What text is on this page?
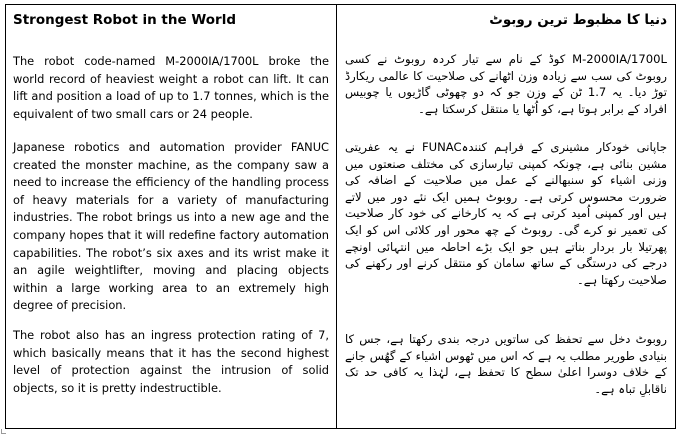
Strongest Robot in the World

The robot code-named M-2000IA/1700L broke the world record of heaviest weight a robot can lift. It can lift and position a load of up to 1.7 tonnes, which is the equivalent of two small cars or 24 people.

Japanese robotics and automation provider FANUC created the monster machine, as the company saw a need to increase the efficiency of the handling process of heavy materials for a variety of manufacturing industries. The robot brings us into a new age and the company hopes that it will redefine factory automation capabilities. The robot’s six axes and its wrist make it an agile weightlifter, moving and placing objects within a large working area to an extremely high degree of precision.

The robot also has an ingress protection rating of 7, which basically means that it has the second highest level of protection against the intrusion of solid objects, so it is pretty indestructible.

دنیا کا مظبوط ترین روبوٹ

M-2000IA/1700L کوڈ کے نام سے تیار کردہ روبوٹ نے کسی روبوٹ کی سب سے زیادہ وزن اٹھانے کی صلاحیت کا عالمی ریکارڈ توڑ دیا۔ یہ 1.7 ٹن کے وزن جو کہ دو چھوٹی گاڑیوں یا چوبیس افراد کے برابر ہوتا ہے، کو اُٹھا یا منتقل کرسکتا ہے۔

جاپانی خودکار مشینری کے فراہم کنندہFUNAC نے یہ عفریتی مشین بنائی ہے، چونکہ کمپنی تیارسازی کی مختلف صنعتوں میں وزنی اشیاء کو سنبھالنے کے عمل میں صلاحیت کے اضافہ کی ضرورت محسوس کرتی ہے۔ روبوٹ ہمیں ایک نئے دور میں لاتے ہیں اور کمپنی اُمید کرتی ہے کہ یہ کارخانے کی خود کار صلاحیت کی تعمیر نو کرے گی۔ روبوٹ کے چھ محور اور کلائی اس کو ایک پھرتیلا بار بردار بناتے ہیں جو ایک بڑے احاطہ میں انتہائی اونچے درجے کی درستگی کے ساتھ سامان کو منتقل کرنے اور رکھنے کی صلاحیت رکھتا ہے۔

روبوٹ دخل سے تحفظ کی ساتویں درجہ بندی رکھتا ہے، جس کا بنیادی طوریر مطلب یہ ہے کہ اس میں ٹھوس اشیاء کے گھُس جانے کے خلاف دوسرا اعلیٰ سطح کا تحفظ ہے، لہٰذا یہ کافی حد تک ناقابلِ تباہ ہے۔
